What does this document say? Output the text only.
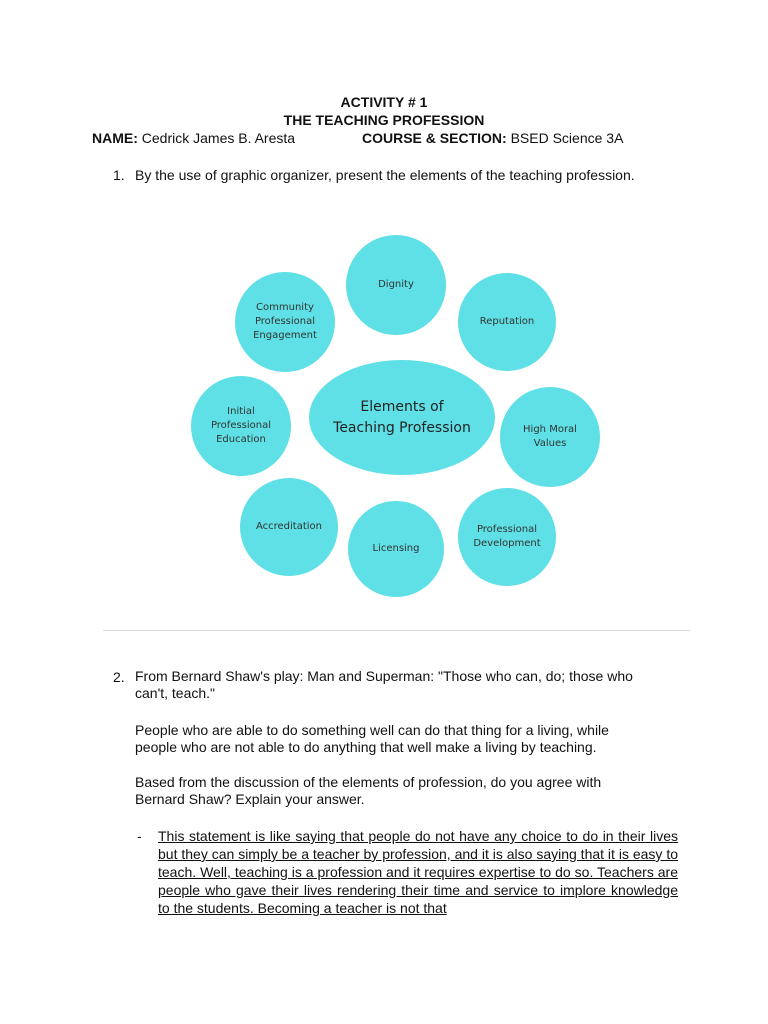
ACTIVITY # 1
THE TEACHING PROFESSION
NAME: Cedrick James B. Aresta	COURSE & SECTION: BSED Science 3A
1. By the use of graphic organizer, present the elements of the teaching profession.
Elements of
Teaching Profession
Dignity
Reputation
High Moral
Values
Professional
Development
Licensing
Accreditation
Initial
Professional
Education
Community
Professional
Engagement
2. From Bernard Shaw's play: Man and Superman: "Those who can, do; those who
can't, teach."
People who are able to do something well can do that thing for a living, while
people who are not able to do anything that well make a living by teaching.
Based from the discussion of the elements of profession, do you agree with
Bernard Shaw? Explain your answer.
- This statement is like saying that people do not have any choice to do in their lives but they can simply be a teacher by profession, and it is also saying that it is easy to teach. Well, teaching is a profession and it requires expertise to do so. Teachers are people who gave their lives rendering their time and service to implore knowledge to the students. Becoming a teacher is not that
